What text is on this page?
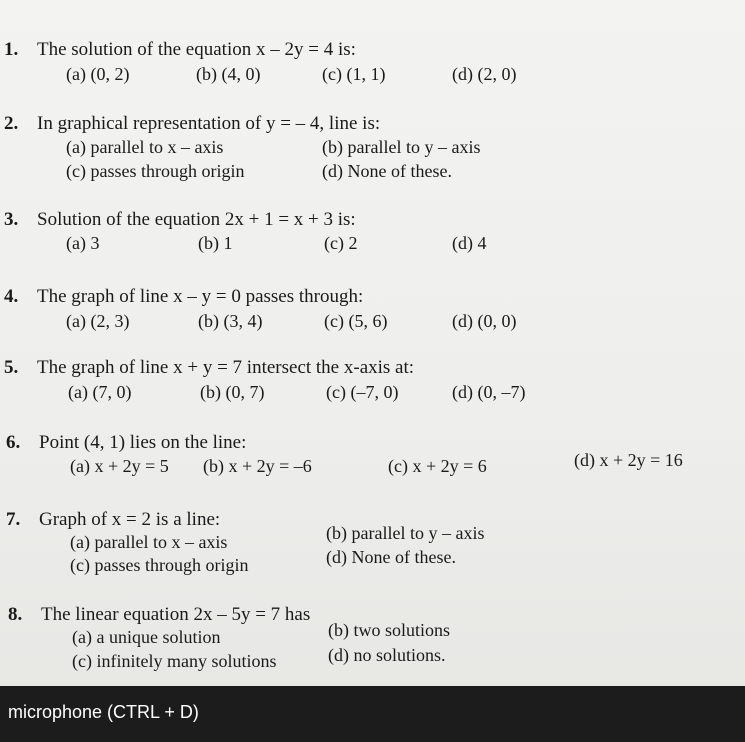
1. The solution of the equation x – 2y = 4 is:
(a) (0, 2)	(b) (4, 0)	(c) (1, 1)	(d) (2, 0)
2. In graphical representation of y = – 4, line is:
(a) parallel to x – axis	(b) parallel to y – axis
(c) passes through origin	(d) None of these.
3. Solution of the equation 2x + 1 = x + 3 is:
(a) 3	(b) 1	(c) 2	(d) 4
4. The graph of line x – y = 0 passes through:
(a) (2, 3)	(b) (3, 4)	(c) (5, 6)	(d) (0, 0)
5. The graph of line x + y = 7 intersect the x-axis at:
(a) (7, 0)	(b) (0, 7)	(c) (–7, 0)	(d) (0, –7)
6. Point (4, 1) lies on the line:
(a) x + 2y = 5 (b) x + 2y = –6	(c) x + 2y = 6	(d) x + 2y = 16
7. Graph of x = 2 is a line:
(a) parallel to x – axis	(b) parallel to y – axis
(c) passes through origin	(d) None of these.
8. The linear equation 2x – 5y = 7 has
(a) a unique solution	(b) two solutions
(c) infinitely many solutions	(d) no solutions.
microphone (CTRL + D)
